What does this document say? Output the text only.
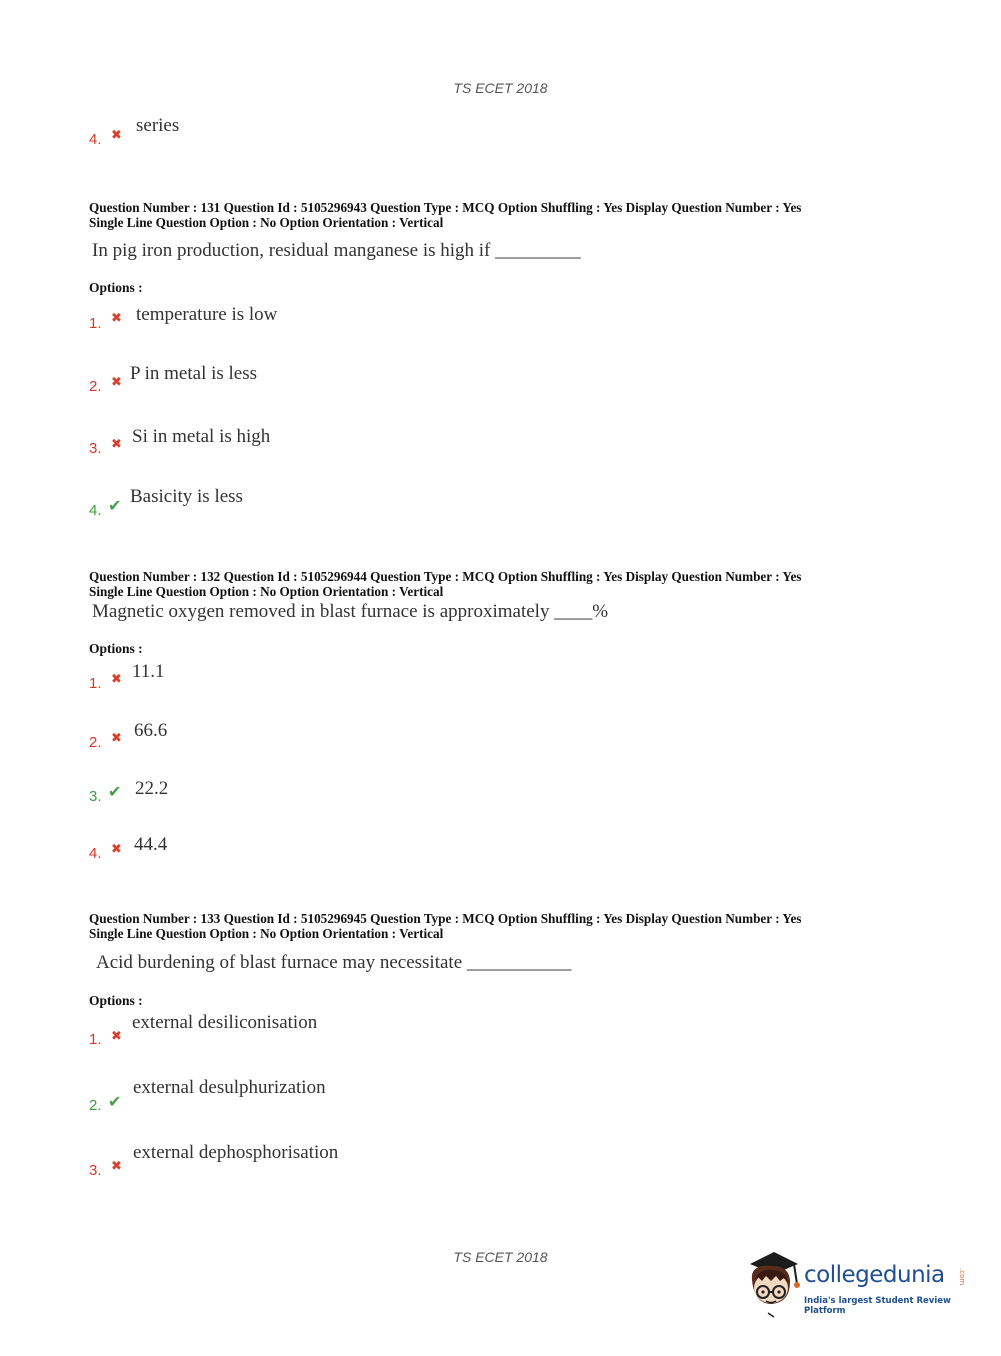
TS ECET 2018
4. ✖ series
Question Number : 131 Question Id : 5105296943 Question Type : MCQ Option Shuffling : Yes Display Question Number : Yes
Single Line Question Option : No Option Orientation : Vertical
In pig iron production, residual manganese is high if _________
Options :
1. ✖ temperature is low
2. ✖ P in metal is less
3. ✖ Si in metal is high
4. ✔ Basicity is less
Question Number : 132 Question Id : 5105296944 Question Type : MCQ Option Shuffling : Yes Display Question Number : Yes
Single Line Question Option : No Option Orientation : Vertical
Magnetic oxygen removed in blast furnace is approximately ____%
Options :
1. ✖ 11.1
2. ✖ 66.6
3. ✔ 22.2
4. ✖ 44.4
Question Number : 133 Question Id : 5105296945 Question Type : MCQ Option Shuffling : Yes Display Question Number : Yes
Single Line Question Option : No Option Orientation : Vertical
Acid burdening of blast furnace may necessitate ___________
Options :
1. ✖
external desiliconisation
2. ✔
external desulphurization
3. ✖
external dephosphorisation
TS ECET 2018
collegedunia .com
India's largest Student Review Platform
